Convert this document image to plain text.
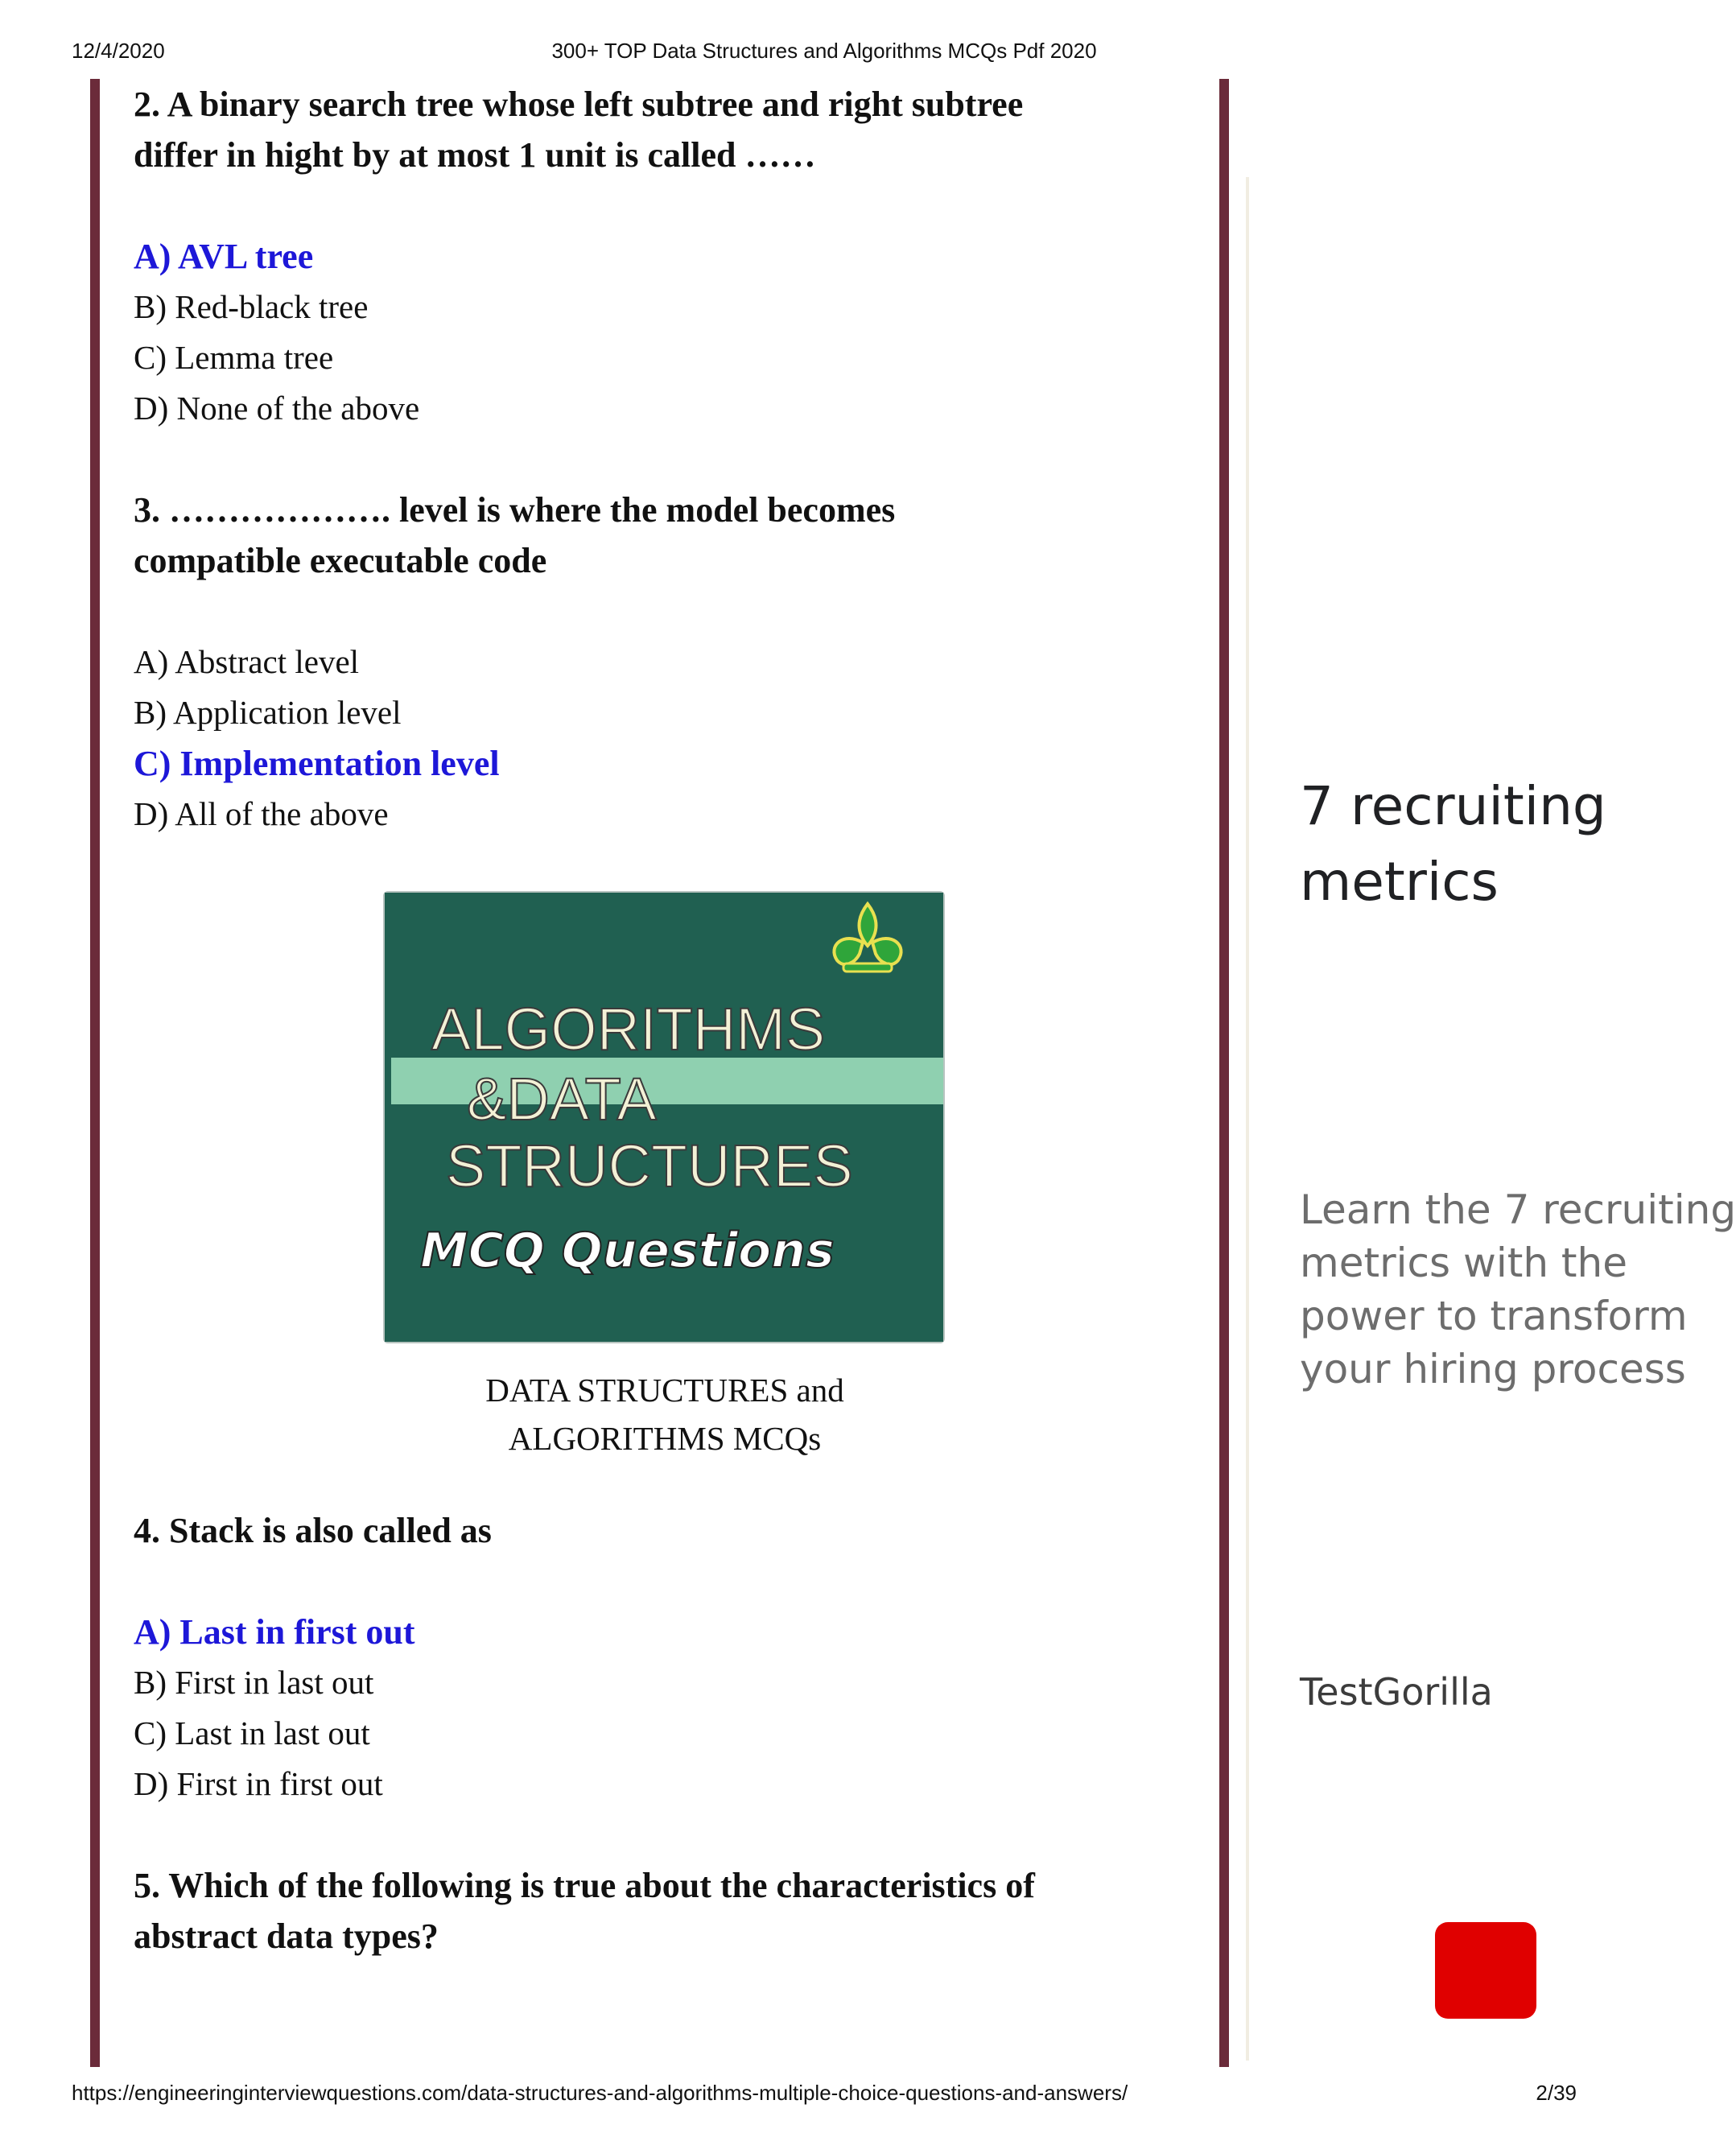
300+ TOP Data Structures and Algorithms MCQs Pdf 2020
12/4/2020

2. A binary search tree whose left subtree and right subtree

differ in hight by at most 1 unit is called ……

A) AVL tree

B) Red-black tree

C) Lemma tree

D) None of the above

3. ………………. level is where the model becomes

compatible executable code

A) Abstract level

B) Application level

C) Implementation level

D) All of the above

ALGORITHMS
&DATA
STRUCTURES
MCQ Questions
DATA STRUCTURES and
ALGORITHMS MCQs

4. Stack is also called as

A) Last in first out

B) First in last out

C) Last in last out

D) First in first out

5. Which of the following is true about the characteristics of

abstract data types?

7 recruiting
metrics
Learn the 7 recruiting
metrics with the
power to transform
your hiring process
TestGorilla
https://engineeringinterviewquestions.com/data-structures-and-algorithms-multiple-choice-questions-and-answers/	2/39
